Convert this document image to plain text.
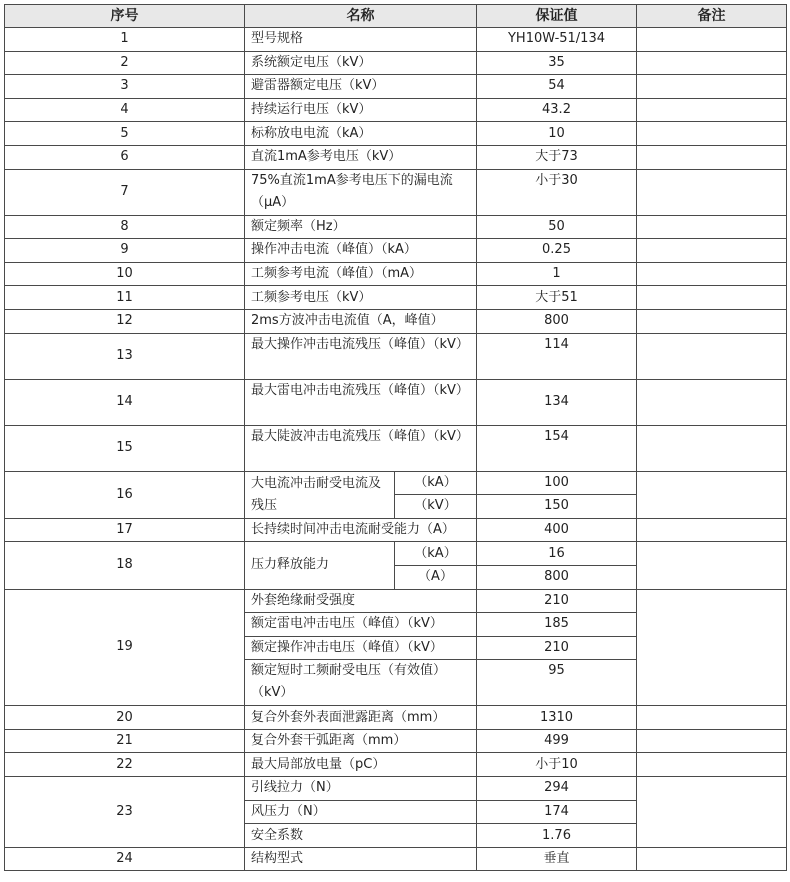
序号	名称		保证值	备注
1	型号规格		YH10W-51/134	
2	系统额定电压（kV）		35	
3	避雷器额定电压（kV）		54	
4	持续运行电压（kV）		43.2	
5	标称放电电流（kA）		10	
6	直流1mA参考电压（kV）		大于73	
7	75%直流1mA参考电压下的漏电流（μA）		小于30	
8	额定频率（Hz）		50	
9	操作冲击电流（峰值）（kA）		0.25	
10	工频参考电流（峰值）（mA）		1	
11	工频参考电压（kV）		大于51	
12	2ms方波冲击电流值（A，峰值）		800	
13	最大操作冲击电流残压（峰值）（kV）		114	
14	最大雷电冲击电流残压（峰值）（kV）		134	
15	最大陡波冲击电流残压（峰值）（kV）		154	
16	大电流冲击耐受电流及残压	（kA）	100	
		（kV）	150	
17	长持续时间冲击电流耐受能力（A）		400	
18	压力释放能力	（kA）	16	
		（A）	800	
19	外套绝缘耐受强度		210	
	额定雷电冲击电压（峰值）（kV）		185	
	额定操作冲击电压（峰值）（kV）		210	
	额定短时工频耐受电压（有效值）（kV）		95	
20	复合外套外表面泄露距离（mm）		1310	
21	复合外套干弧距离（mm）		499	
22	最大局部放电量（pC）		小于10	
23	引线拉力（N）		294	
	风压力（N）		174	
	安全系数		1.76	
24	结构型式		垂直	
